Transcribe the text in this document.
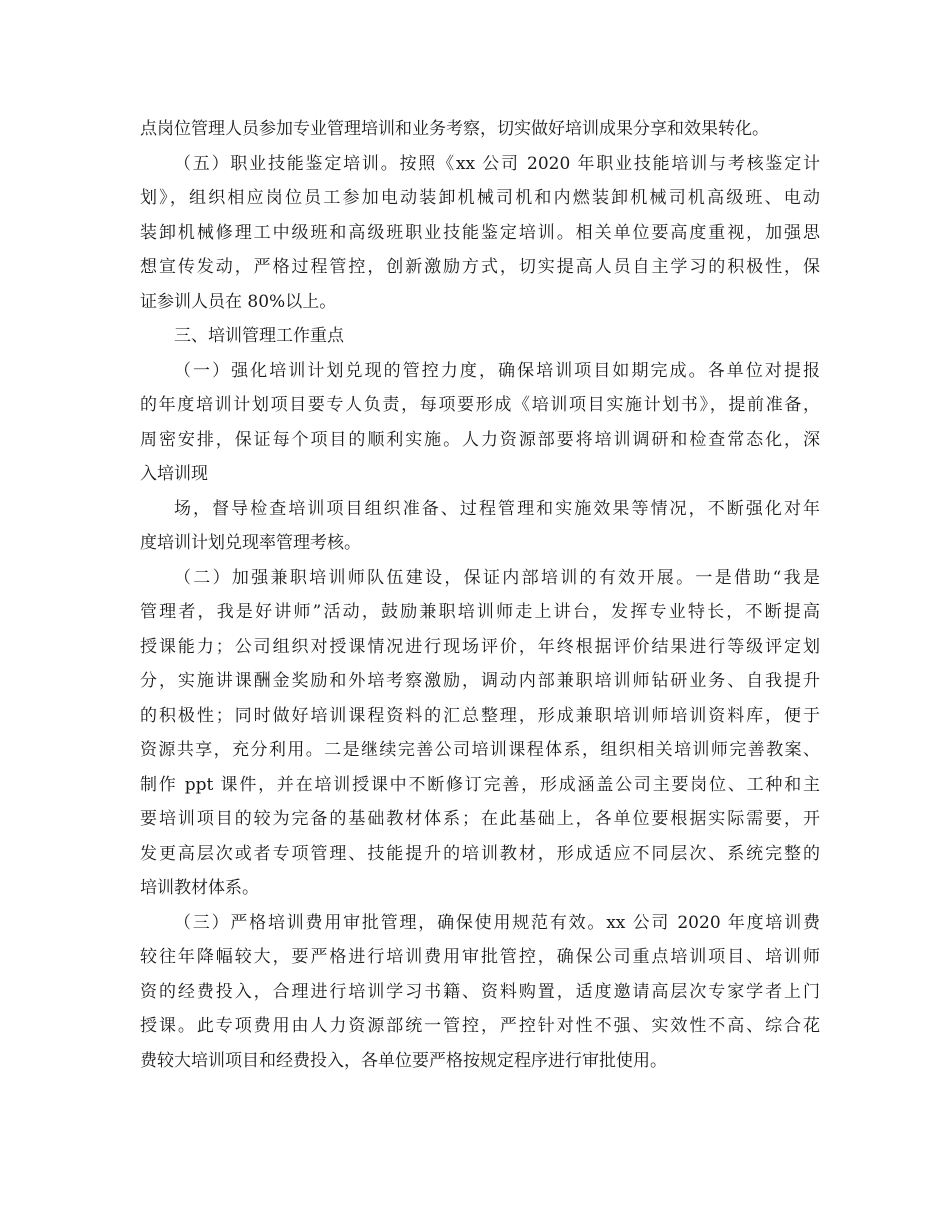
点岗位管理人员参加专业管理培训和业务考察，切实做好培训成果分享和效果转化。
（五）职业技能鉴定培训。按照《xx 公司 2020 年职业技能培训与考核鉴定计
划》，组织相应岗位员工参加电动装卸机械司机和内燃装卸机械司机高级班、电动
装卸机械修理工中级班和高级班职业技能鉴定培训。相关单位要高度重视，加强思
想宣传发动，严格过程管控，创新激励方式，切实提高人员自主学习的积极性，保
证参训人员在 80%以上。
三、培训管理工作重点
（一）强化培训计划兑现的管控力度，确保培训项目如期完成。各单位对提报
的年度培训计划项目要专人负责，每项要形成《培训项目实施计划书》，提前准备，
周密安排，保证每个项目的顺利实施。人力资源部要将培训调研和检查常态化，深
入培训现
场，督导检查培训项目组织准备、过程管理和实施效果等情况，不断强化对年
度培训计划兑现率管理考核。
（二）加强兼职培训师队伍建设，保证内部培训的有效开展。一是借助“我是
管理者，我是好讲师”活动，鼓励兼职培训师走上讲台，发挥专业特长，不断提高
授课能力；公司组织对授课情况进行现场评价，年终根据评价结果进行等级评定划
分，实施讲课酬金奖励和外培考察激励，调动内部兼职培训师钻研业务、自我提升
的积极性；同时做好培训课程资料的汇总整理，形成兼职培训师培训资料库，便于
资源共享，充分利用。二是继续完善公司培训课程体系，组织相关培训师完善教案、
制作 ppt 课件，并在培训授课中不断修订完善，形成涵盖公司主要岗位、工种和主
要培训项目的较为完备的基础教材体系；在此基础上，各单位要根据实际需要，开
发更高层次或者专项管理、技能提升的培训教材，形成适应不同层次、系统完整的
培训教材体系。
（三）严格培训费用审批管理，确保使用规范有效。xx 公司 2020 年度培训费
较往年降幅较大，要严格进行培训费用审批管控，确保公司重点培训项目、培训师
资的经费投入，合理进行培训学习书籍、资料购置，适度邀请高层次专家学者上门
授课。此专项费用由人力资源部统一管控，严控针对性不强、实效性不高、综合花
费较大培训项目和经费投入，各单位要严格按规定程序进行审批使用。
